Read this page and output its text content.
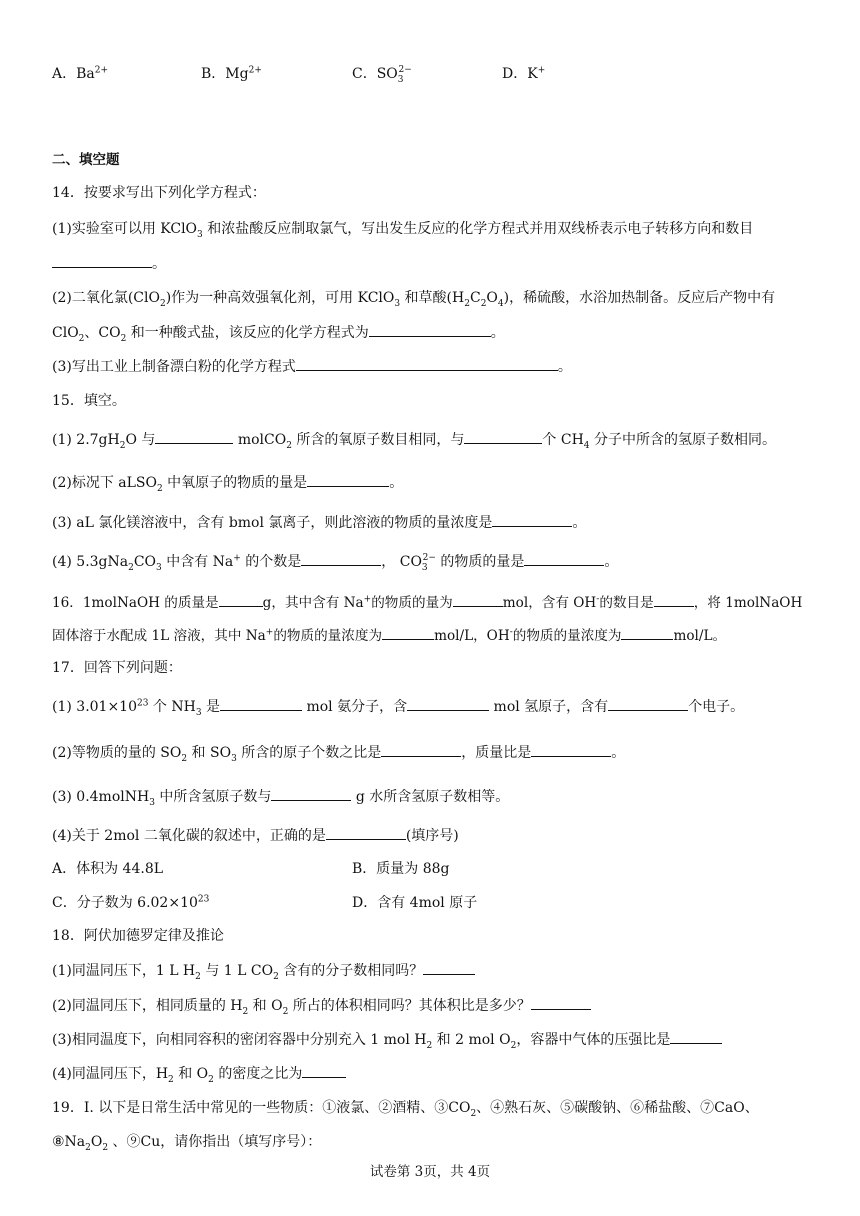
A．$Ba^{2+}$	B．$Mg^{2+}$	C．$SO_3^{2-}$	D．K+
二、填空题
14．按要求写出下列化学方程式：
(1)实验室可以用 KClO$_3$ 和浓盐酸反应制取氯气，写出发生反应的化学方程式并用双线桥表示电子转移方向和数目
。
(2)二氧化氯(ClO$_2$)作为一种高效强氧化剂，可用 KClO$_3$ 和草酸$(H_2C_2O_4)$，稀硫酸，水浴加热制备。反应后产物中有
ClO$_2$、$CO_2$ 和一种酸式盐，该反应的化学方程式为	。
(3)写出工业上制备漂白粉的化学方程式	。
15．填空。
(1) $2.7gH_2O$ 与	molCO$_2$ 所含的氧原子数目相同，与	个 $CH_4$ 分子中所含的氢原子数相同。
(2)标况下 aLSO$_2$ 中氧原子的物质的量是	。
(3) aL 氯化镁溶液中，含有 bmol 氯离子，则此溶液的物质的量浓度是	。
(4) $5.3gNa_2CO_3$ 中含有 Na+ 的个数是	， $CO_3^{2-}$ 的物质的量是	。
16．1molNaOH 的质量是	g，其中含有 Na+的物质的量为	mol，含有 OH-的数目是	，将 1molNaOH
固体溶于水配成 1L 溶液，其中 Na+的物质的量浓度为	mol/L，OH-的物质的量浓度为	mol/L。
17．回答下列问题：
(1) $3.01\times 10^{23}$ 个 $NH_3$ 是	mol 氨分子，含	mol 氢原子，含有	个电子。
(2)等物质的量的 $SO_2$ 和 $SO_3$ 所含的原子个数之比是	，质量比是	。
(3) 0.4molNH$_3$ 中所含氢原子数与	g 水所含氢原子数相等。
(4)关于 2mol 二氧化碳的叙述中，正确的是	(填序号)
A．体积为 44.8L	B．质量为 88g
C．分子数为 $6.02\times 10^{23}$	D．含有 4mol 原子
18．阿伏加德罗定律及推论
(1)同温同压下，1 L $H_2$ 与 1 L $CO_2$ 含有的分子数相同吗？
(2)同温同压下，相同质量的 $H_2$ 和 $O_2$ 所占的体积相同吗？其体积比是多少？
(3)相同温度下，向相同容积的密闭容器中分别充入 1 mol $H_2$ 和 2 mol $O_2$，容器中气体的压强比是
(4)同温同压下，$H_2$ 和 $O_2$ 的密度之比为
19．I. 以下是日常生活中常见的一些物质：①液氯、②酒精、$③CO_2$、④熟石灰、⑤碳酸钠、⑥稀盐酸、⑦CaO、
$⑧Na_2O_2$ 、⑨Cu，请你指出（填写序号）：
试卷第 3页，共 4页
